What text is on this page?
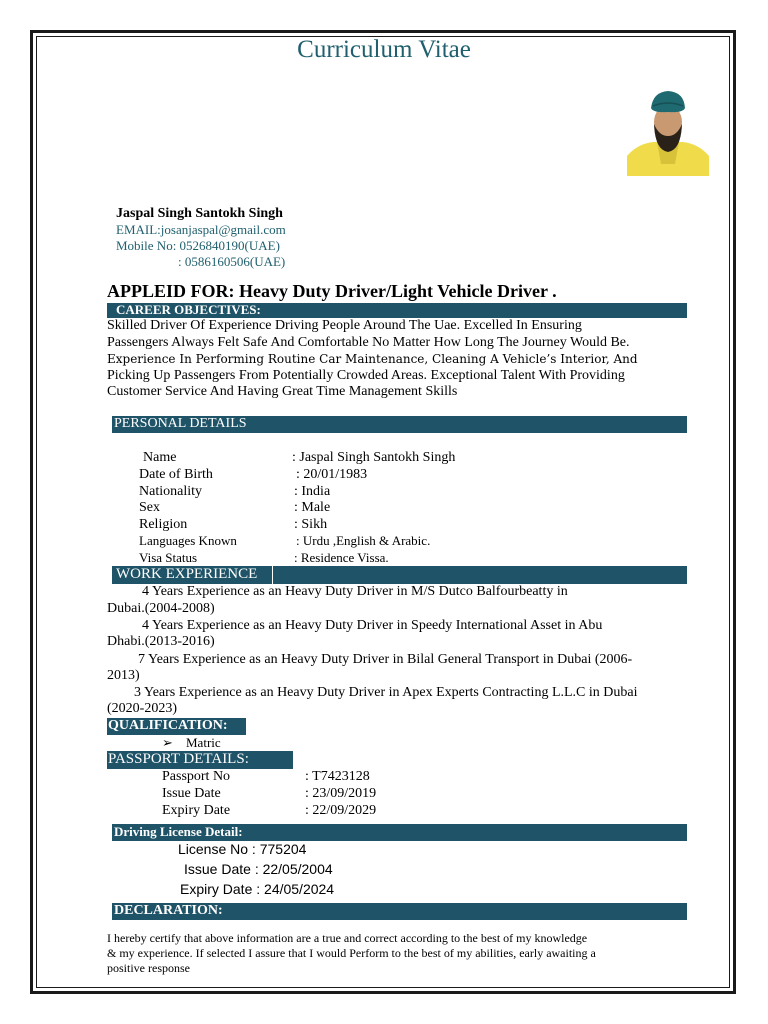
Curriculum Vitae
Jaspal Singh Santokh Singh
EMAIL:josanjaspal@gmail.com
Mobile No: 0526840190(UAE)
: 0586160506(UAE)
APPLEID FOR: Heavy Duty Driver/Light Vehicle Driver .
CAREER OBJECTIVES:
Skilled Driver Of Experience Driving People Around The Uae. Excelled In Ensuring
Passengers Always Felt Safe And Comfortable No Matter How Long The Journey Would Be.
Experience In Performing Routine Car Maintenance, Cleaning A Vehicle’s Interior, And
Picking Up Passengers From Potentially Crowded Areas. Exceptional Talent With Providing
Customer Service And Having Great Time Management Skills
PERSONAL DETAILS
Name	: Jaspal Singh Santokh Singh
Date of Birth	: 20/01/1983
Nationality	: India
Sex	: Male
Religion	: Sikh
Languages Known	: Urdu ,English & Arabic.
Visa Status	: Residence Vissa.
WORK EXPERIENCE
4 Years Experience as an Heavy Duty Driver in M/S Dutco Balfourbeatty in
Dubai.(2004-2008)
4 Years Experience as an Heavy Duty Driver in Speedy International Asset in Abu
Dhabi.(2013-2016)
7 Years Experience as an Heavy Duty Driver in Bilal General Transport in Dubai (2006-
2013)
3 Years Experience as an Heavy Duty Driver in Apex Experts Contracting L.L.C in Dubai
(2020-2023)
QUALIFICATION:
➢ Matric
PASSPORT DETAILS:
Passport No	: T7423128
Issue Date	: 23/09/2019
Expiry Date	: 22/09/2029
Driving License Detail:
License No : 775204
Issue Date : 22/05/2004
Expiry Date : 24/05/2024
DECLARATION:
I hereby certify that above information are a true and correct according to the best of my knowledge
& my experience. If selected I assure that I would Perform to the best of my abilities, early awaiting a
positive response
